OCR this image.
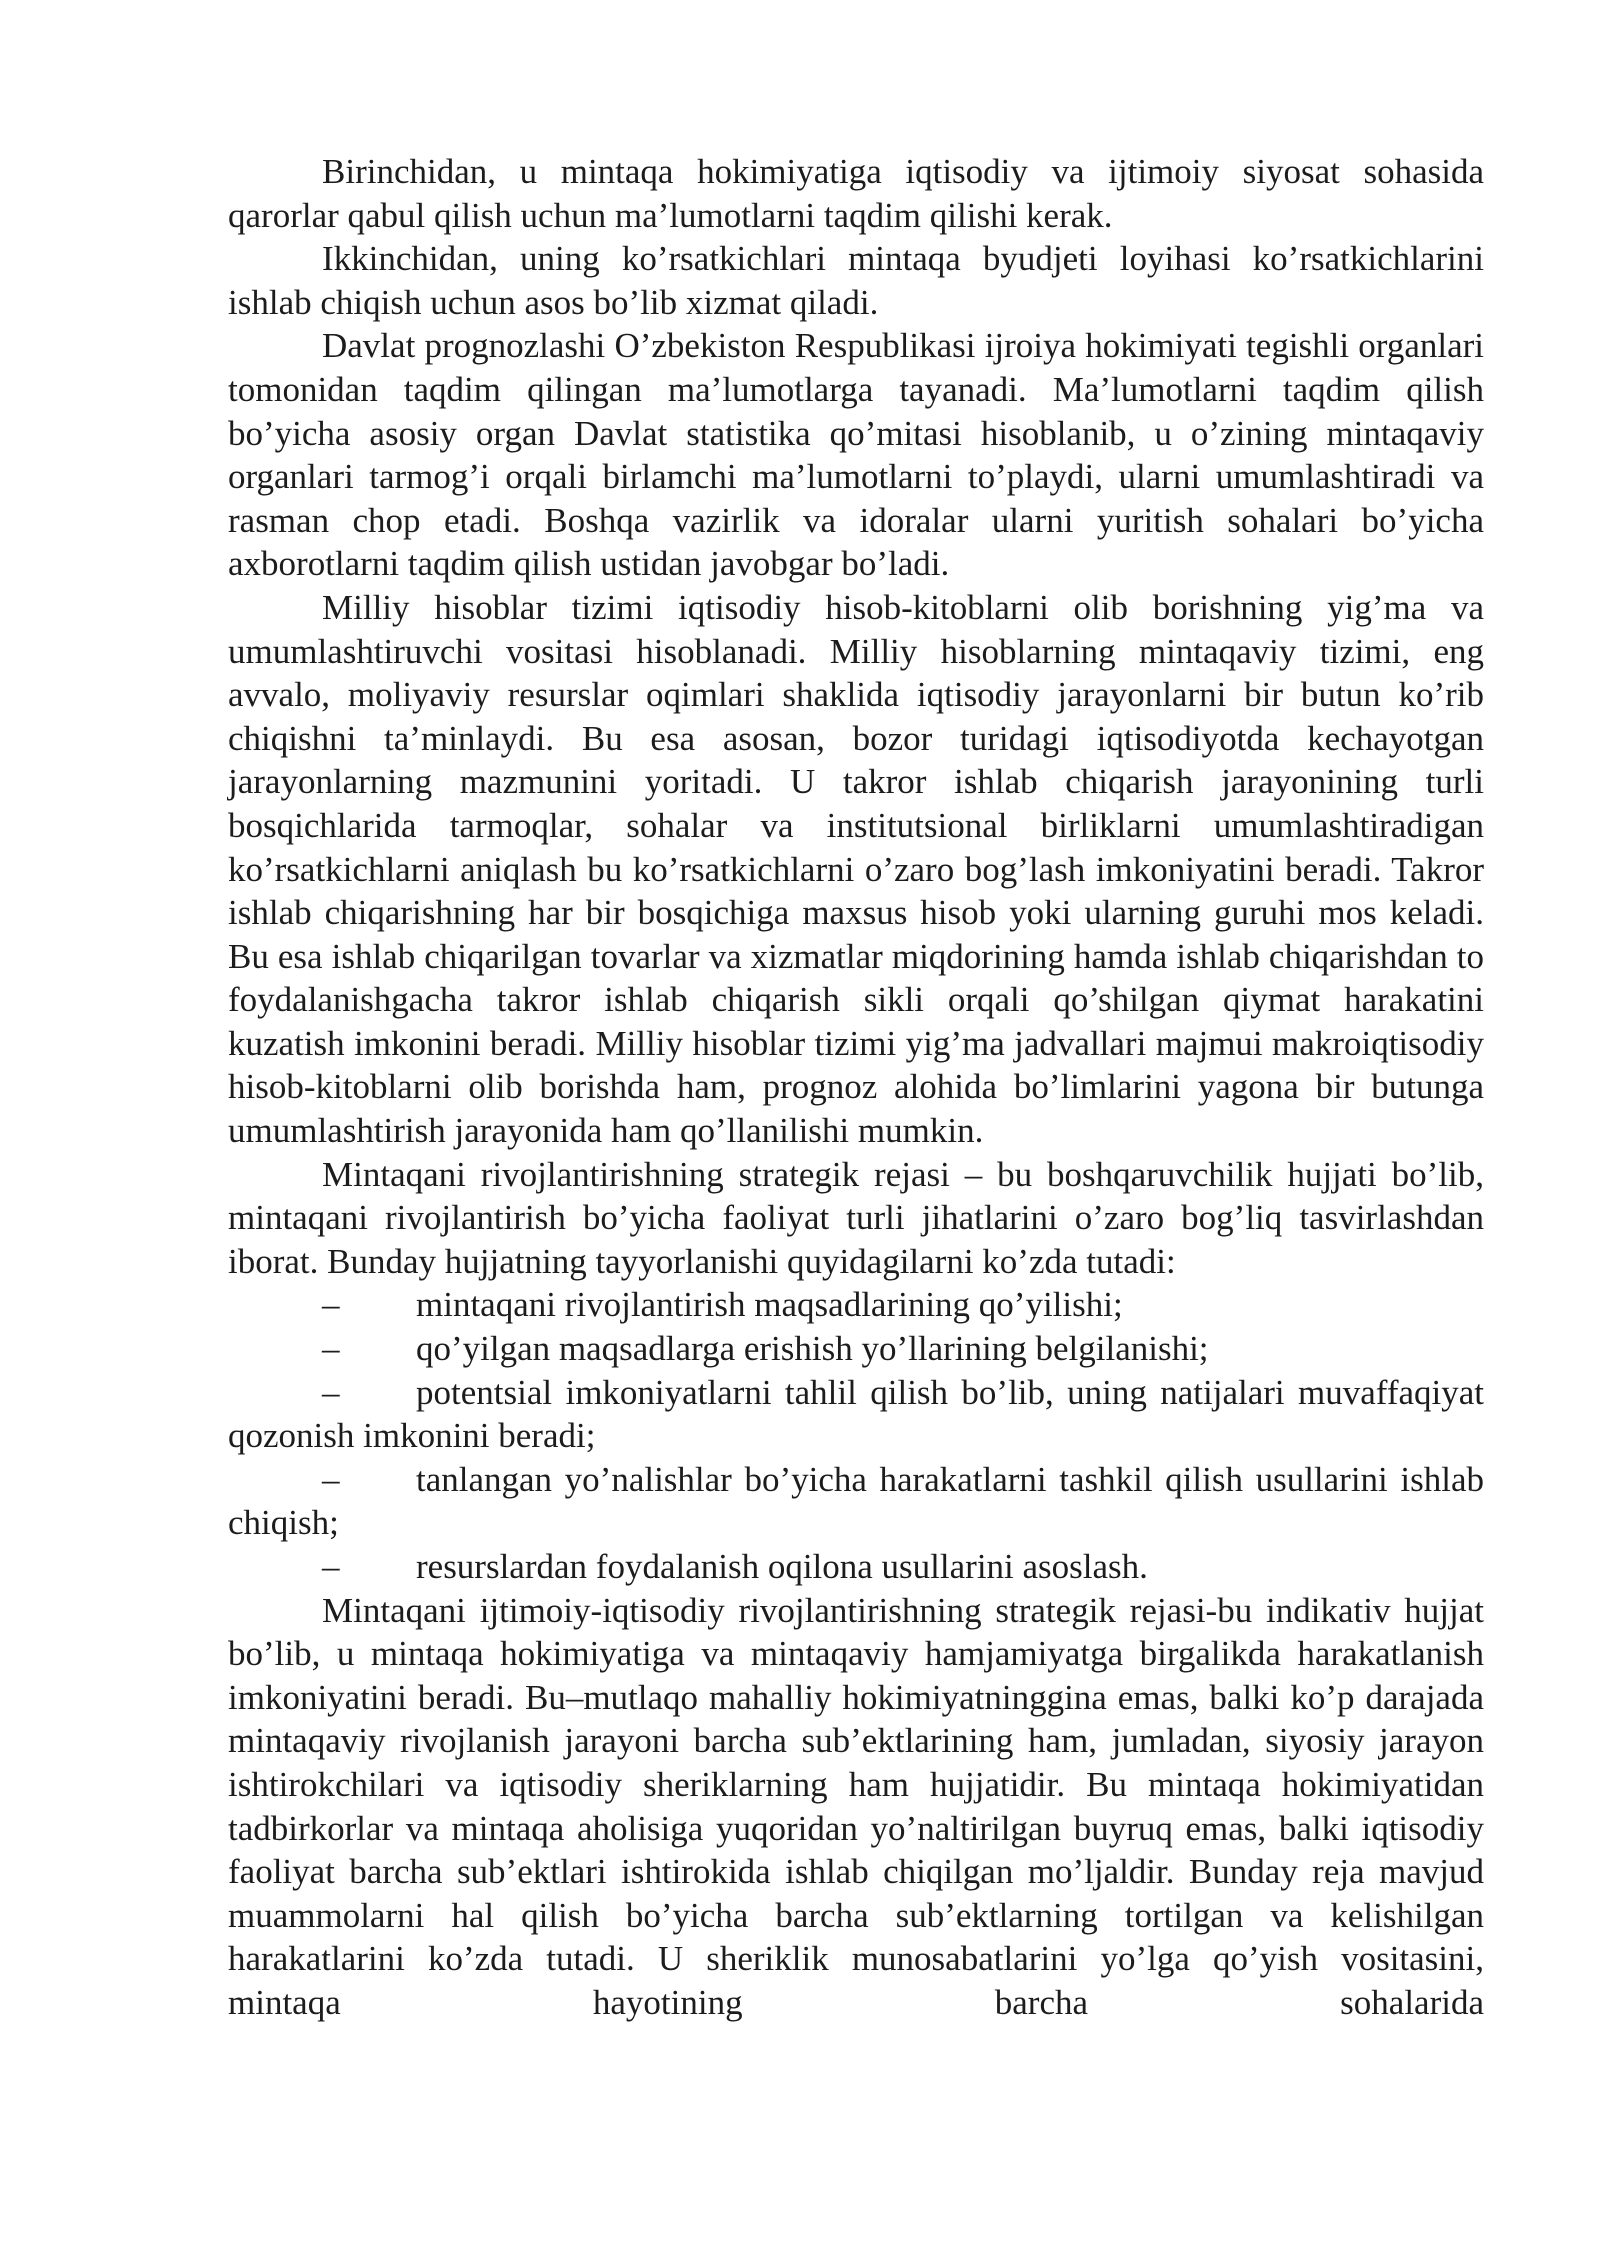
Birinchidan, u mintaqa hokimiyatiga iqtisodiy va ijtimoiy siyosat sohasida qarorlar qabul qilish uchun ma’lumotlarni taqdim qilishi kerak.

Ikkinchidan, uning ko’rsatkichlari mintaqa byudjeti loyihasi ko’rsatkichlarini ishlab chiqish uchun asos bo’lib xizmat qiladi.

Davlat prognozlashi O’zbekiston Respublikasi ijroiya hokimiyati tegishli organlari tomonidan taqdim qilingan ma’lumotlarga tayanadi. Ma’lumotlarni taqdim qilish bo’yicha asosiy organ Davlat statistika qo’mitasi hisoblanib, u o’zining mintaqaviy organlari tarmog’i orqali birlamchi ma’lumotlarni to’playdi, ularni umumlashtiradi va rasman chop etadi. Boshqa vazirlik va idoralar ularni yuritish sohalari bo’yicha axborotlarni taqdim qilish ustidan javobgar bo’ladi.

Milliy hisoblar tizimi iqtisodiy hisob-kitoblarni olib borishning yig’ma va umumlashtiruvchi vositasi hisoblanadi. Milliy hisoblarning mintaqaviy tizimi, eng avvalo, moliyaviy resurslar oqimlari shaklida iqtisodiy jarayonlarni bir butun ko’rib chiqishni ta’minlaydi. Bu esa asosan, bozor turidagi iqtisodiyotda kechayotgan jarayonlarning mazmunini yoritadi. U takror ishlab chiqarish jarayonining turli bosqichlarida tarmoqlar, sohalar va institutsional birliklarni umumlashtiradigan ko’rsatkichlarni aniqlash bu ko’rsatkichlarni o’zaro bog’lash imkoniyatini beradi. Takror ishlab chiqarishning har bir bosqichiga maxsus hisob yoki ularning guruhi mos keladi. Bu esa ishlab chiqarilgan tovarlar va xizmatlar miqdorining hamda ishlab chiqarishdan to foydalanishgacha takror ishlab chiqarish sikli orqali qo’shilgan qiymat harakatini kuzatish imkonini beradi. Milliy hisoblar tizimi yig’ma jadvallari majmui makroiqtisodiy hisob-kitoblarni olib borishda ham, prognoz alohida bo’limlarini yagona bir butunga umumlashtirish jarayonida ham qo’llanilishi mumkin.

Mintaqani rivojlantirishning strategik rejasi – bu boshqaruvchilik hujjati bo’lib, mintaqani rivojlantirish bo’yicha faoliyat turli jihatlarini o’zaro bog’liq tasvirlashdan iborat. Bunday hujjatning tayyorlanishi quyidagilarni ko’zda tutadi:

– mintaqani rivojlantirish maqsadlarining qo’yilishi;

– qo’yilgan maqsadlarga erishish yo’llarining belgilanishi;

– potentsial imkoniyatlarni tahlil qilish bo’lib, uning natijalari muvaffaqiyat qozonish imkonini beradi;

– tanlangan yo’nalishlar bo’yicha harakatlarni tashkil qilish usullarini ishlab chiqish;

– resurslardan foydalanish oqilona usullarini asoslash.

Mintaqani ijtimoiy-iqtisodiy rivojlantirishning strategik rejasi-bu indikativ hujjat bo’lib, u mintaqa hokimiyatiga va mintaqaviy hamjamiyatga birgalikda harakatlanish imkoniyatini beradi. Bu–mutlaqo mahalliy hokimiyatninggina emas, balki ko’p darajada mintaqaviy rivojlanish jarayoni barcha sub’ektlarining ham, jumladan, siyosiy jarayon ishtirokchilari va iqtisodiy sheriklarning ham hujjatidir. Bu mintaqa hokimiyatidan tadbirkorlar va mintaqa aholisiga yuqoridan yo’naltirilgan buyruq emas, balki iqtisodiy faoliyat barcha sub’ektlari ishtirokida ishlab chiqilgan mo’ljaldir. Bunday reja mavjud muammolarni hal qilish bo’yicha barcha sub’ektlarning tortilgan va kelishilgan harakatlarini ko’zda tutadi. U sheriklik munosabatlarini yo’lga qo’yish vositasini, mintaqa hayotining barcha sohalarida
